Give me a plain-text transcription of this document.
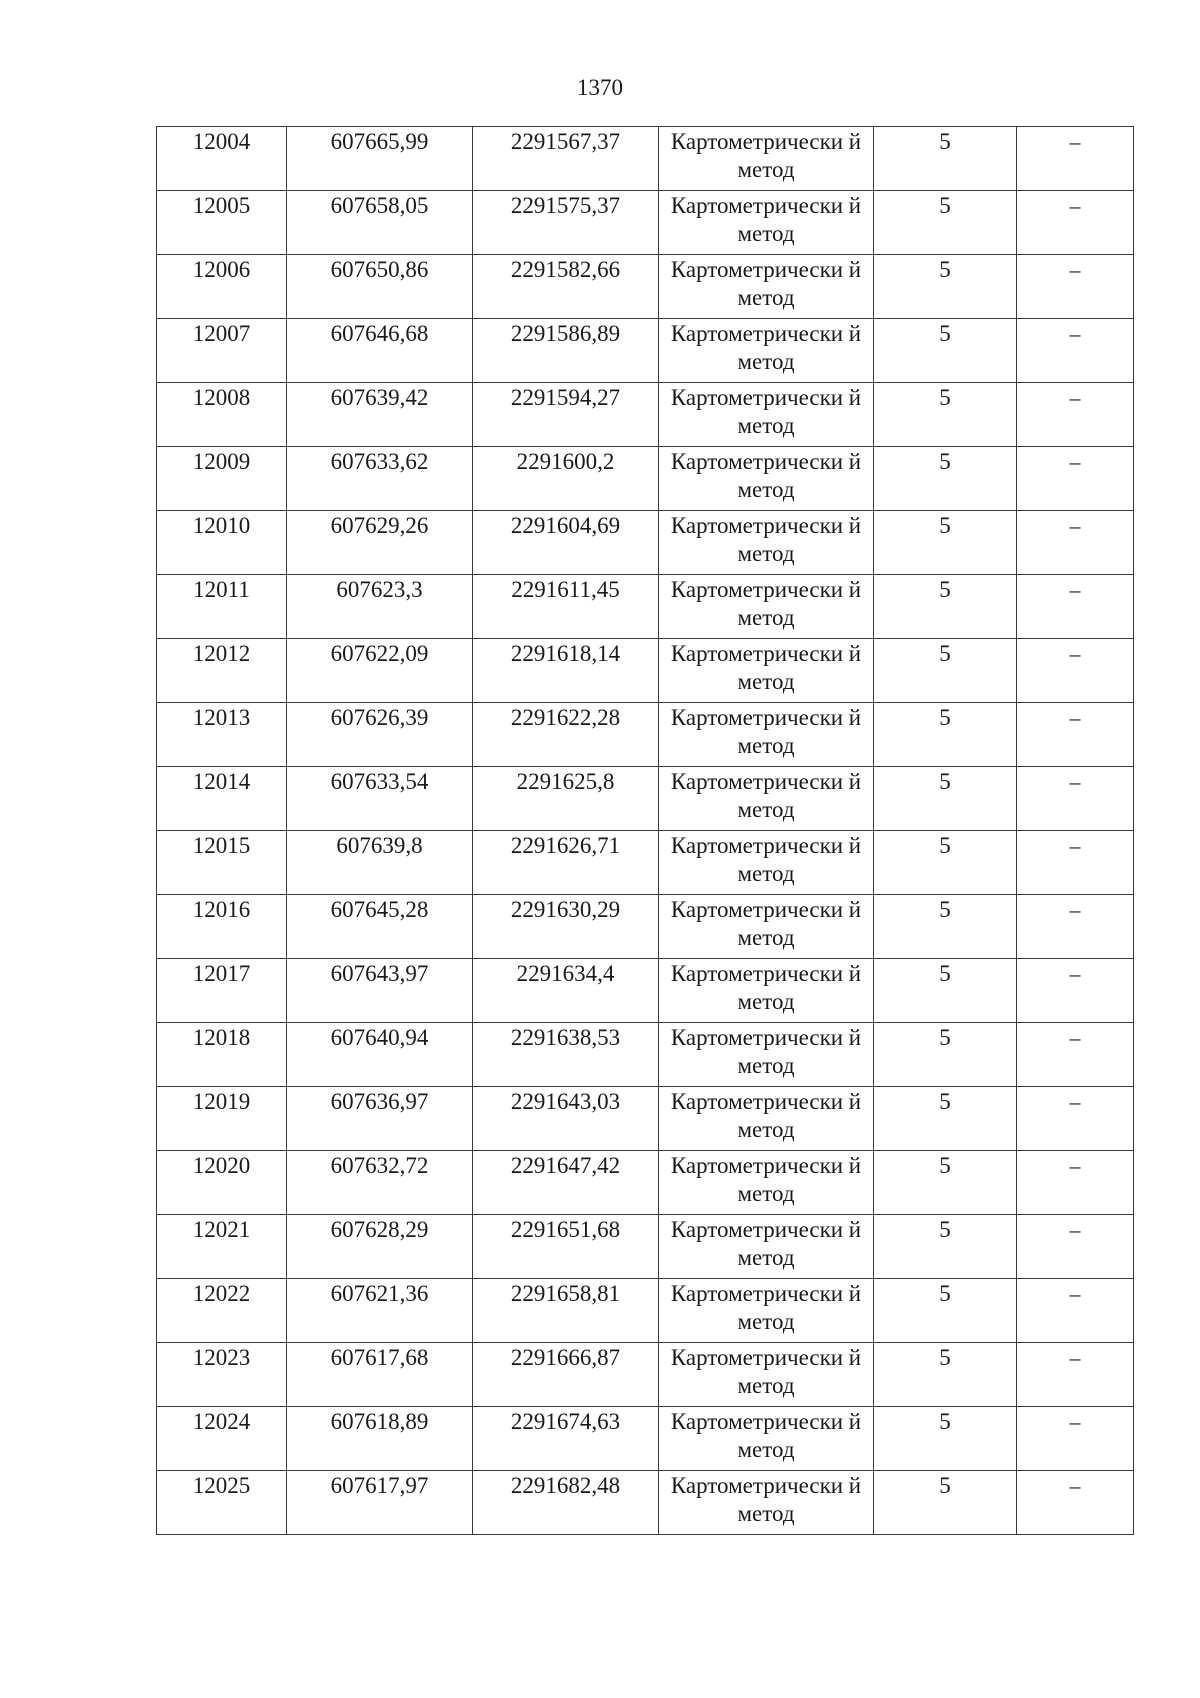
1370
12004	607665,99	2291567,37	Картометрически й метод	5	–

12005	607658,05	2291575,37	Картометрически й метод	5	–

12006	607650,86	2291582,66	Картометрически й метод	5	–

12007	607646,68	2291586,89	Картометрически й метод	5	–

12008	607639,42	2291594,27	Картометрически й метод	5	–

12009	607633,62	2291600,2	Картометрически й метод	5	–

12010	607629,26	2291604,69	Картометрически й метод	5	–

12011	607623,3	2291611,45	Картометрически й метод	5	–

12012	607622,09	2291618,14	Картометрически й метод	5	–

12013	607626,39	2291622,28	Картометрически й метод	5	–

12014	607633,54	2291625,8	Картометрически й метод	5	–

12015	607639,8	2291626,71	Картометрически й метод	5	–

12016	607645,28	2291630,29	Картометрически й метод	5	–

12017	607643,97	2291634,4	Картометрически й метод	5	–

12018	607640,94	2291638,53	Картометрически й метод	5	–

12019	607636,97	2291643,03	Картометрически й метод	5	–

12020	607632,72	2291647,42	Картометрически й метод	5	–

12021	607628,29	2291651,68	Картометрически й метод	5	–

12022	607621,36	2291658,81	Картометрически й метод	5	–

12023	607617,68	2291666,87	Картометрически й метод	5	–

12024	607618,89	2291674,63	Картометрически й метод	5	–

12025	607617,97	2291682,48	Картометрически й метод	5	–
